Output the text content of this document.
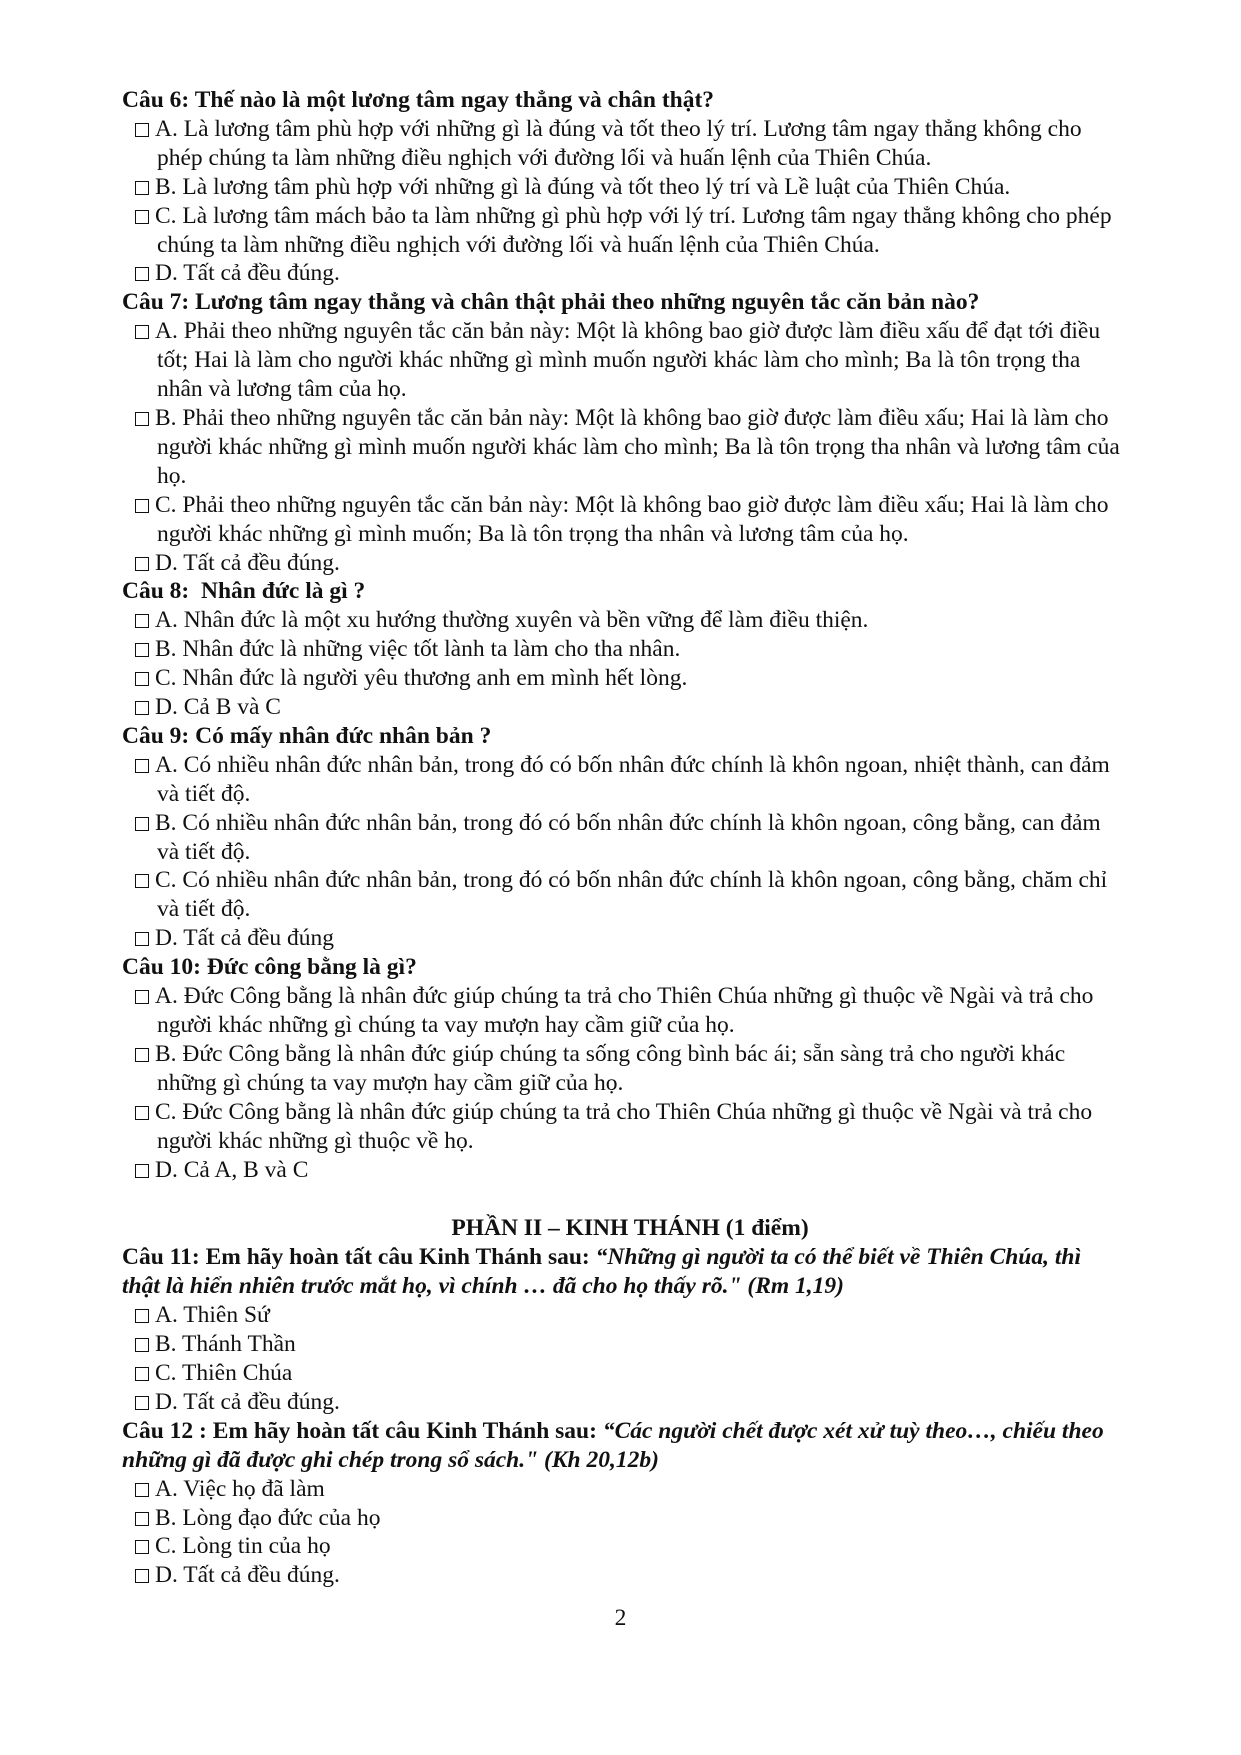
Câu 6: Thế nào là một lương tâm ngay thẳng và chân thật?
A. Là lương tâm phù hợp với những gì là đúng và tốt theo lý trí. Lương tâm ngay thẳng không cho phép chúng ta làm những điều nghịch với đường lối và huấn lệnh của Thiên Chúa.
B. Là lương tâm phù hợp với những gì là đúng và tốt theo lý trí và Lề luật của Thiên Chúa.
C. Là lương tâm mách bảo ta làm những gì phù hợp với lý trí. Lương tâm ngay thẳng không cho phép chúng ta làm những điều nghịch với đường lối và huấn lệnh của Thiên Chúa.
D. Tất cả đều đúng.
Câu 7: Lương tâm ngay thẳng và chân thật phải theo những nguyên tắc căn bản nào?
A. Phải theo những nguyên tắc căn bản này: Một là không bao giờ được làm điều xấu để đạt tới điều tốt; Hai là làm cho người khác những gì mình muốn người khác làm cho mình; Ba là tôn trọng tha nhân và lương tâm của họ.
B. Phải theo những nguyên tắc căn bản này: Một là không bao giờ được làm điều xấu; Hai là làm cho người khác những gì mình muốn người khác làm cho mình; Ba là tôn trọng tha nhân và lương tâm của họ.
C. Phải theo những nguyên tắc căn bản này: Một là không bao giờ được làm điều xấu; Hai là làm cho người khác những gì mình muốn; Ba là tôn trọng tha nhân và lương tâm của họ.
D. Tất cả đều đúng.
Câu 8:  Nhân đức là gì ?
A. Nhân đức là một xu hướng thường xuyên và bền vững để làm điều thiện.
B. Nhân đức là những việc tốt lành ta làm cho tha nhân.
C. Nhân đức là người yêu thương anh em mình hết lòng.
D. Cả B và C
Câu 9: Có mấy nhân đức nhân bản ?
A. Có nhiều nhân đức nhân bản, trong đó có bốn nhân đức chính là khôn ngoan, nhiệt thành, can đảm và tiết độ.
B. Có nhiều nhân đức nhân bản, trong đó có bốn nhân đức chính là khôn ngoan, công bằng, can đảm và tiết độ.
C. Có nhiều nhân đức nhân bản, trong đó có bốn nhân đức chính là khôn ngoan, công bằng, chăm chỉ và tiết độ.
D. Tất cả đều đúng
Câu 10: Đức công bằng là gì?
A. Đức Công bằng là nhân đức giúp chúng ta trả cho Thiên Chúa những gì thuộc về Ngài và trả cho người khác những gì chúng ta vay mượn hay cầm giữ của họ.
B. Đức Công bằng là nhân đức giúp chúng ta sống công bình bác ái; sẵn sàng trả cho người khác những gì chúng ta vay mượn hay cầm giữ của họ.
C. Đức Công bằng là nhân đức giúp chúng ta trả cho Thiên Chúa những gì thuộc về Ngài và trả cho người khác những gì thuộc về họ.
D. Cả A, B và C
PHẦN II – KINH THÁNH (1 điểm)
Câu 11: Em hãy hoàn tất câu Kinh Thánh sau: “Những gì người ta có thể biết về Thiên Chúa, thì thật là hiển nhiên trước mắt họ, vì chính … đã cho họ thấy rõ." (Rm 1,19)
A. Thiên Sứ
B. Thánh Thần
C. Thiên Chúa
D. Tất cả đều đúng.
Câu 12 : Em hãy hoàn tất câu Kinh Thánh sau: “Các người chết được xét xử tuỳ theo…, chiếu theo những gì đã được ghi chép trong sổ sách." (Kh 20,12b)
A. Việc họ đã làm
B. Lòng đạo đức của họ
C. Lòng tin của họ
D. Tất cả đều đúng.
2
